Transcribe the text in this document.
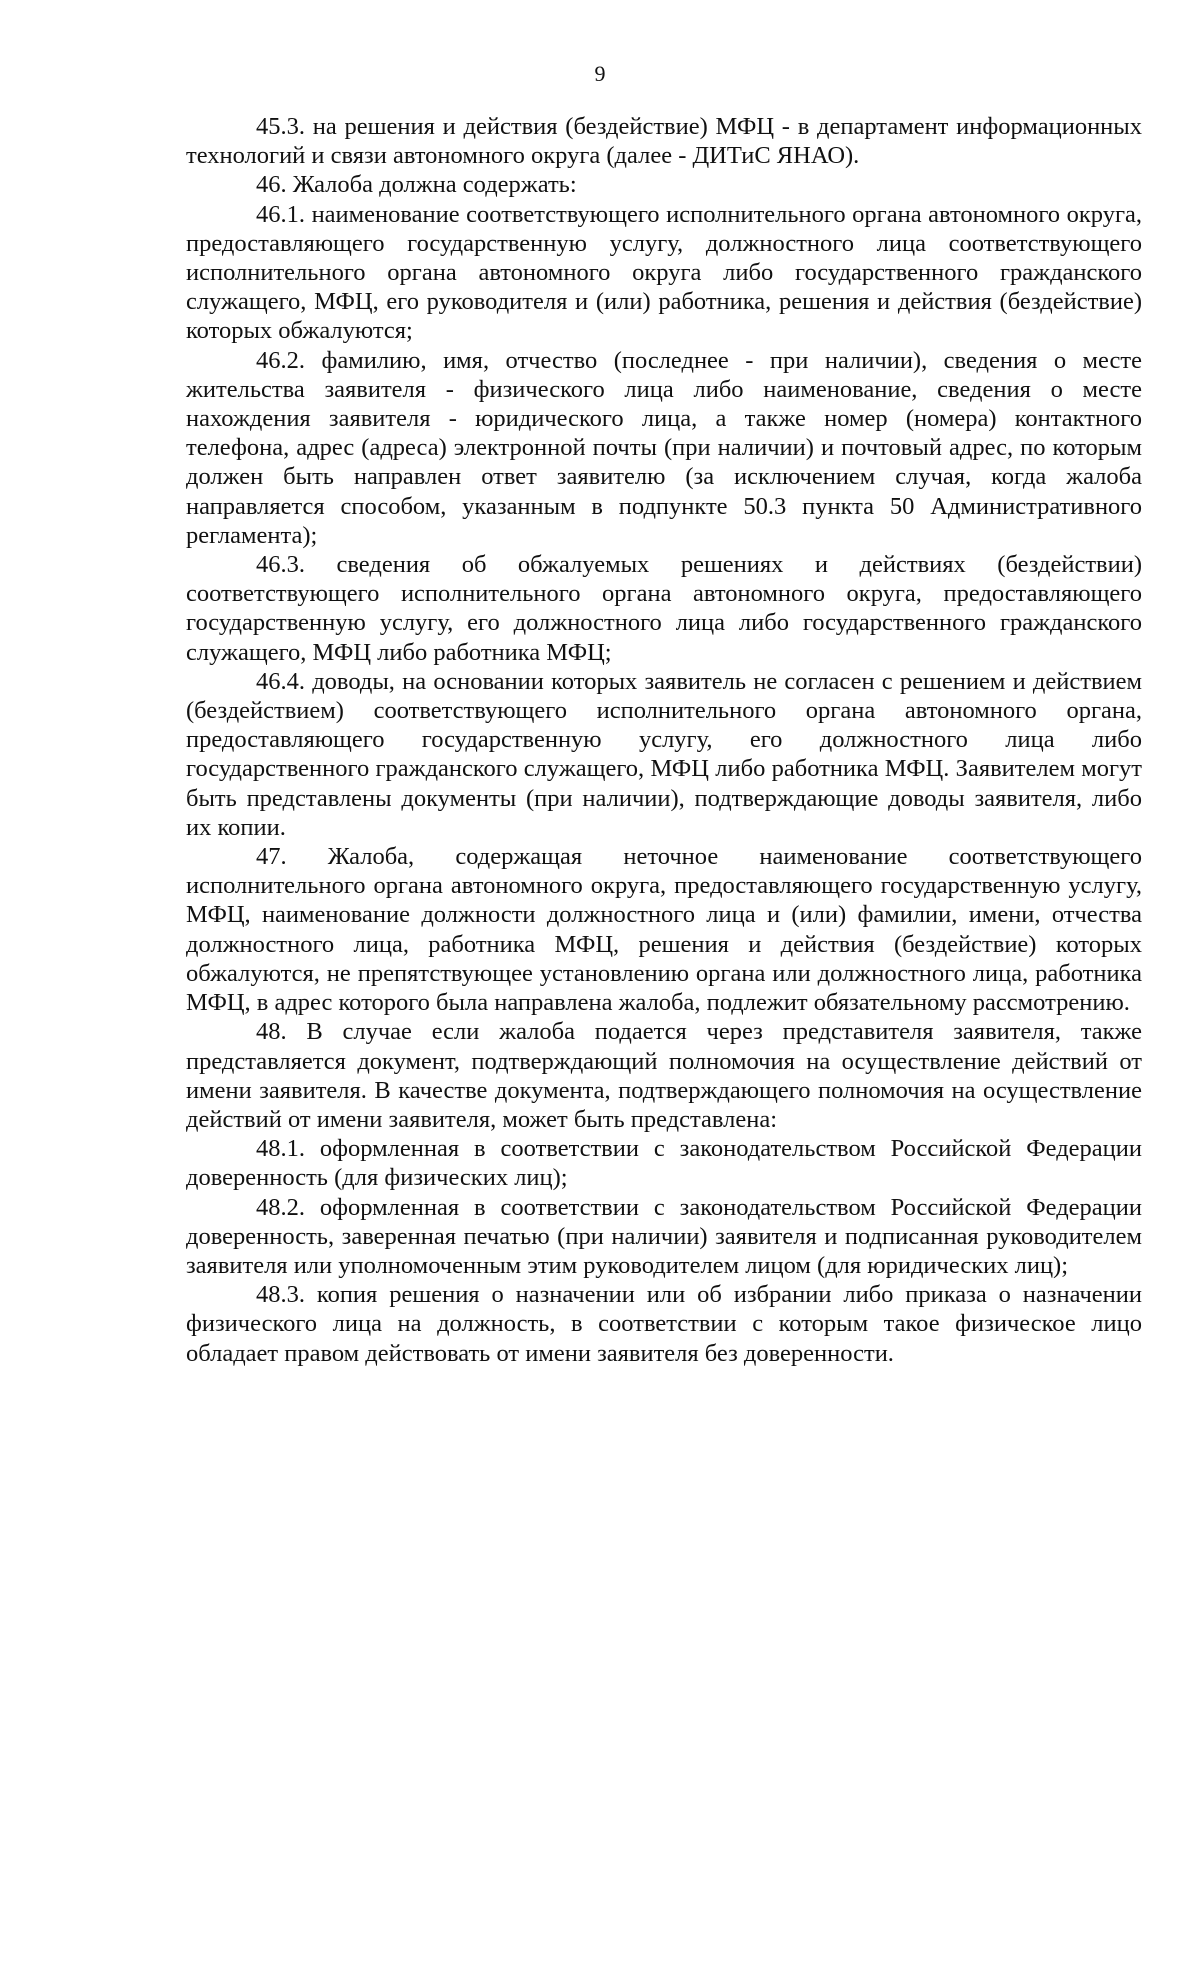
9

45.3. на решения и действия (бездействие) МФЦ - в департамент информационных технологий и связи автономного округа (далее - ДИТиС ЯНАО).

46. Жалоба должна содержать:

46.1. наименование соответствующего исполнительного органа автономного округа, предоставляющего государственную услугу, должностного лица соответствующего исполнительного органа автономного округа либо государственного гражданского служащего, МФЦ, его руководителя и (или) работника, решения и действия (бездействие) которых обжалуются;

46.2. фамилию, имя, отчество (последнее - при наличии), сведения о месте жительства заявителя - физического лица либо наименование, сведения о месте нахождения заявителя - юридического лица, а также номер (номера) контактного телефона, адрес (адреса) электронной почты (при наличии) и почтовый адрес, по которым должен быть направлен ответ заявителю (за исключением случая, когда жалоба направляется способом, указанным в подпункте 50.3 пункта 50 Административного регламента);

46.3. сведения об обжалуемых решениях и действиях (бездействии) соответствующего исполнительного органа автономного округа, предоставляющего государственную услугу, его должностного лица либо государственного гражданского служащего, МФЦ либо работника МФЦ;

46.4. доводы, на основании которых заявитель не согласен с решением и действием (бездействием) соответствующего исполнительного органа автономного органа, предоставляющего государственную услугу, его должностного лица либо государственного гражданского служащего, МФЦ либо работника МФЦ. Заявителем могут быть представлены документы (при наличии), подтверждающие доводы заявителя, либо их копии.

47. Жалоба, содержащая неточное наименование соответствующего исполнительного органа автономного округа, предоставляющего государственную услугу, МФЦ, наименование должности должностного лица и (или) фамилии, имени, отчества должностного лица, работника МФЦ, решения и действия (бездействие) которых обжалуются, не препятствующее установлению органа или должностного лица, работника МФЦ, в адрес которого была направлена жалоба, подлежит обязательному рассмотрению.

48. В случае если жалоба подается через представителя заявителя, также представляется документ, подтверждающий полномочия на осуществление действий от имени заявителя. В качестве документа, подтверждающего полномочия на осуществление действий от имени заявителя, может быть представлена:

48.1. оформленная в соответствии с законодательством Российской Федерации доверенность (для физических лиц);

48.2. оформленная в соответствии с законодательством Российской Федерации доверенность, заверенная печатью (при наличии) заявителя и подписанная руководителем заявителя или уполномоченным этим руководителем лицом (для юридических лиц);

48.3. копия решения о назначении или об избрании либо приказа о назначении физического лица на должность, в соответствии с которым такое физическое лицо обладает правом действовать от имени заявителя без доверенности.
